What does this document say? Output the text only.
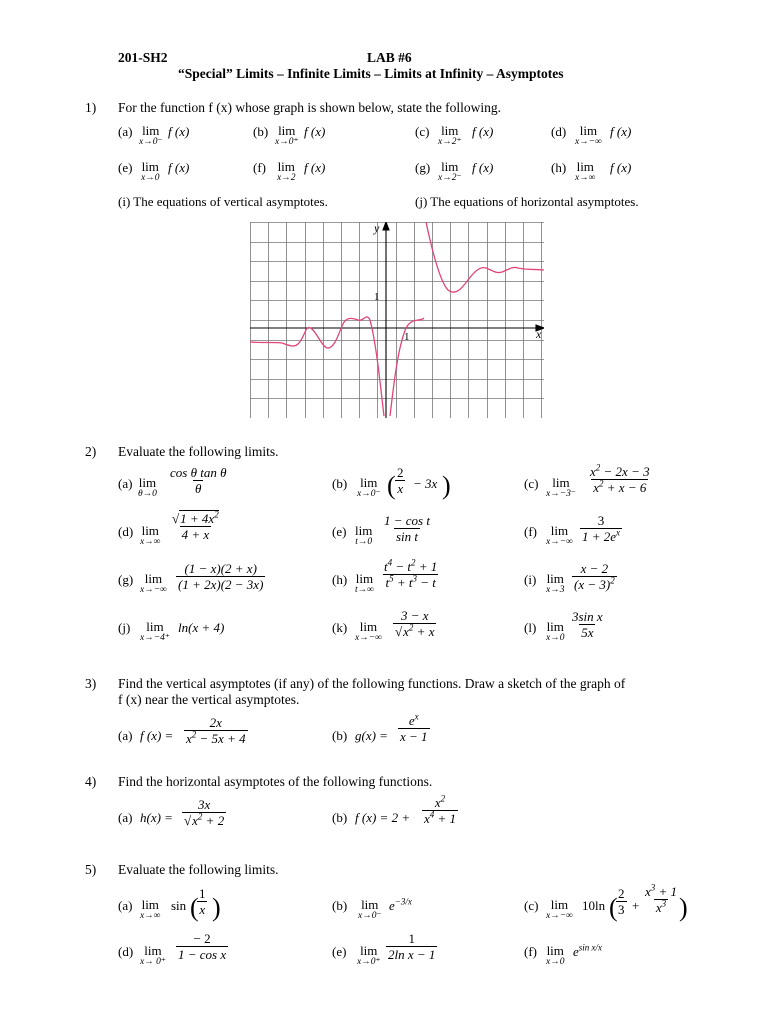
201-SH2	LAB #6
“Special” Limits – Infinite Limits – Limits at Infinity – Asymptotes
1) For the function f (x) whose graph is shown below, state the following.
(a) lim
x→0⁻
f (x)	(b) lim
x→0⁺
f (x)	(c) lim
x→2⁺
f (x)	(d)	lim
x→−∞
f (x)
(e) lim
x→0
f (x)	(f) lim
x→2
f (x)	(g) lim
x→2⁻
f (x)	(h) lim
x→∞
f (x)
(i) The equations of vertical asymptotes.	(j) The equations of horizontal asymptotes.
y
x
1
1
2) Evaluate the following limits.
(a) lim
θ→0
cos θ tan θ
θ	(b) lim
x→0⁻ ( 2
x − 3x )	(c)	lim
x→−3⁻
$x^2 - 2x - 3$
$x^2 + x - 6$
(d) lim
x→∞
$√1 + 4x^2$
4 + x	(e) lim
t→0
1 − cos t
sin t	(f)	lim
x→−∞
3
$1 + 2e^x$
(g) lim
x→−∞
(1 − x)(2 + x)
(1 + 2x)(2 − 3x)	(h) lim
t→∞
$t^4 - t^2 + 1$
$t^5 + t^3 - t$	(i) lim
x→3
x − 2
$(x - 3)^2$
(j)	lim
x→−4⁺
ln(x + 4)	(k) lim
x→−∞
3 − x
$√x^2 + x$	(l) lim
x→0
3sin x
5x
3) Find the vertical asymptotes (if any) of the following functions. Draw a sketch of the graph of
f (x) near the vertical asymptotes.
(a) f (x) =
2x
$x^2 - 5x + 4$	(b) g(x) =
$e^x$
x − 1
4) Find the horizontal asymptotes of the following functions.
(a) h(x) =
3x
$√x^2 + 2$	(b) f (x) = 2 +
$x^2$
$x^4 + 1$
5) Evaluate the following limits.
(a) lim
x→∞
sin ( 1
x )	(b) lim
x→0⁻
$e^{-3/x}$	(c) lim
x→−∞
10ln ( 2
3 +
$x^3 + 1$
$x^3$ )
(d) lim
x→ 0⁺
− 2
1 − cos x	(e) lim
x→0⁺
1
2ln x − 1	(f) lim
x→0
$e^{sin x/x}$
